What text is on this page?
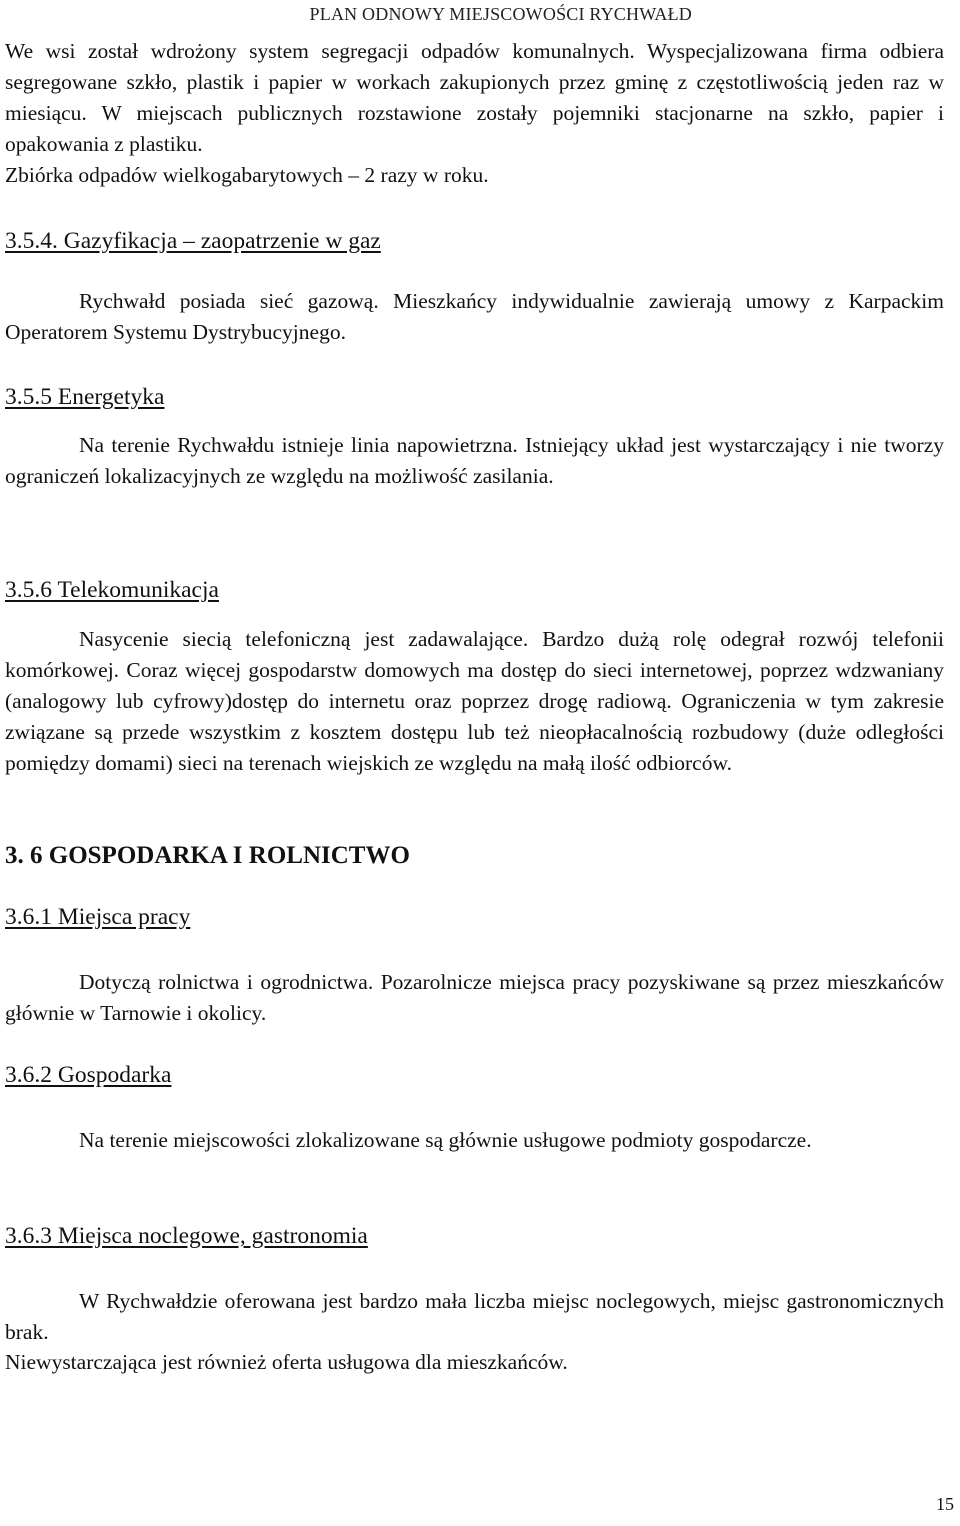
PLAN ODNOWY MIEJSCOWOŚCI RYCHWAŁD

We wsi został wdrożony system segregacji odpadów komunalnych. Wyspecjalizowana firma odbiera segregowane szkło, plastik i papier w workach zakupionych przez gminę z częstotliwością jeden raz w miesiącu. W miejscach publicznych rozstawione zostały pojemniki stacjonarne na szkło, papier i opakowania z plastiku.

Zbiórka odpadów wielkogabarytowych – 2 razy w roku.
3.5.4. Gazyfikacja – zaopatrzenie w gaz

Rychwałd posiada sieć gazową. Mieszkańcy indywidualnie zawierają umowy z Karpackim Operatorem Systemu Dystrybucyjnego.

3.5.5 Energetyka

Na terenie Rychwałdu istnieje linia napowietrzna. Istniejący układ jest wystarczający i nie tworzy ograniczeń lokalizacyjnych ze względu na możliwość zasilania.

3.5.6 Telekomunikacja

Nasycenie siecią telefoniczną jest zadawalające. Bardzo dużą rolę odegrał rozwój telefonii komórkowej. Coraz więcej gospodarstw domowych ma dostęp do sieci internetowej, poprzez wdzwaniany (analogowy lub cyfrowy)dostęp do internetu oraz poprzez drogę radiową. Ograniczenia w tym zakresie związane są przede wszystkim z kosztem dostępu lub też nieopłacalnością rozbudowy (duże odległości pomiędzy domami) sieci na terenach wiejskich ze względu na małą ilość odbiorców.

3. 6 GOSPODARKA I ROLNICTWO
3.6.1 Miejsca pracy

Dotyczą rolnictwa i ogrodnictwa. Pozarolnicze miejsca pracy pozyskiwane są przez mieszkańców głównie w Tarnowie i okolicy.

3.6.2 Gospodarka

Na terenie miejscowości zlokalizowane są głównie usługowe podmioty gospodarcze.

3.6.3 Miejsca noclegowe, gastronomia

W Rychwałdzie oferowana jest bardzo mała liczba miejsc noclegowych, miejsc gastronomicznych brak.

Niewystarczająca jest również oferta usługowa dla mieszkańców.
15
